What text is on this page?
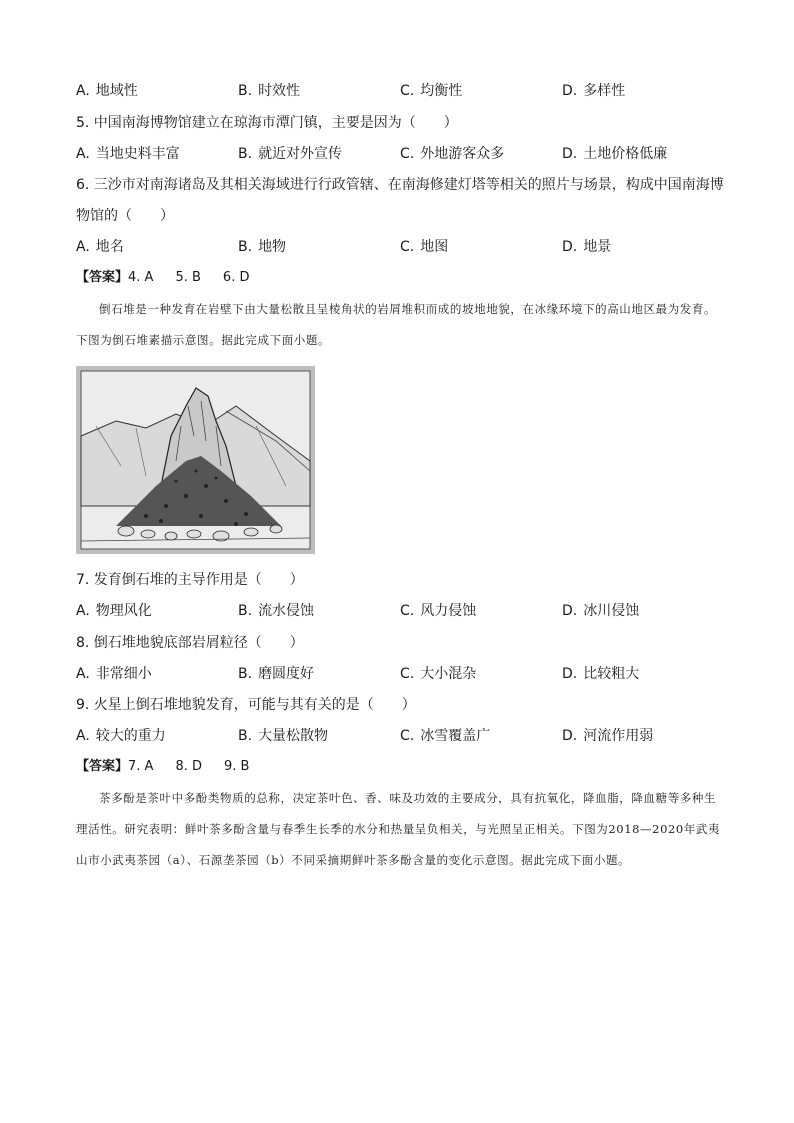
A. 地域性	B. 时效性	C. 均衡性	D. 多样性
5. 中国南海博物馆建立在琼海市潭门镇，主要是因为（　　）
A. 当地史料丰富	B. 就近对外宣传	C. 外地游客众多	D. 土地价格低廉
6. 三沙市对南海诸岛及其相关海域进行行政管辖、在南海修建灯塔等相关的照片与场景，构成中国南海博
物馆的（　　）
A. 地名	B. 地物	C. 地图	D. 地景
【答案】4. A 5. B 6. D
倒石堆是一种发育在岩壁下由大量松散且呈棱角状的岩屑堆积而成的坡地地貌，在冰缘环境下的高山地区最为发育。下图为倒石堆素描示意图。据此完成下面小题。
7. 发育倒石堆的主导作用是（　　）
A. 物理风化	B. 流水侵蚀	C. 风力侵蚀	D. 冰川侵蚀
8. 倒石堆地貌底部岩屑粒径（　　）
A. 非常细小	B. 磨圆度好	C. 大小混杂	D. 比较粗大
9. 火星上倒石堆地貌发育，可能与其有关的是（　　）
A. 较大的重力	B. 大量松散物	C. 冰雪覆盖广	D. 河流作用弱
【答案】7. A 8. D 9. B
茶多酚是茶叶中多酚类物质的总称，决定茶叶色、香、味及功效的主要成分，具有抗氧化，降血脂，降血糖等多种生理活性。研究表明：鲜叶茶多酚含量与春季生长季的水分和热量呈负相关，与光照呈正相关。下图为2018—2020年武夷山市小武夷茶园（a）、石源垄茶园（b）不同采摘期鲜叶茶多酚含量的变化示意图。据此完成下面小题。
